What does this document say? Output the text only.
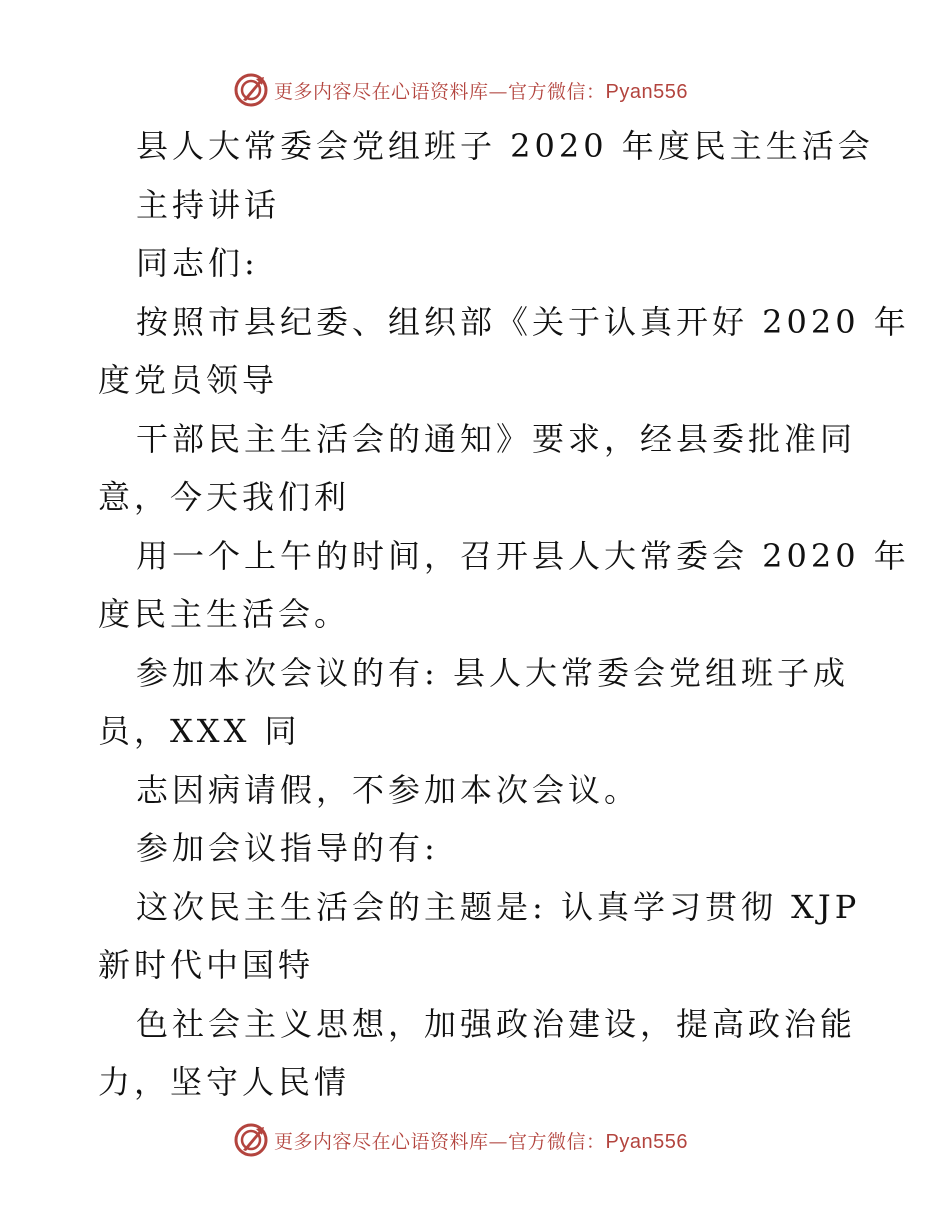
更多内容尽在心语资料库—官方微信：Pyan556
县人大常委会党组班子 2020 年度民主生活会
主持讲话
同志们:
按照市县纪委、组织部《关于认真开好 2020 年
度党员领导
干部民主生活会的通知》要求，经县委批准同
意，今天我们利
用一个上午的时间，召开县人大常委会 2020 年
度民主生活会。
参加本次会议的有: 县人大常委会党组班子成
员，XXX 同
志因病请假，不参加本次会议。
参加会议指导的有:
这次民主生活会的主题是: 认真学习贯彻 XJP
新时代中国特
色社会主义思想，加强政治建设，提高政治能
力，坚守人民情
更多内容尽在心语资料库—官方微信：Pyan556
